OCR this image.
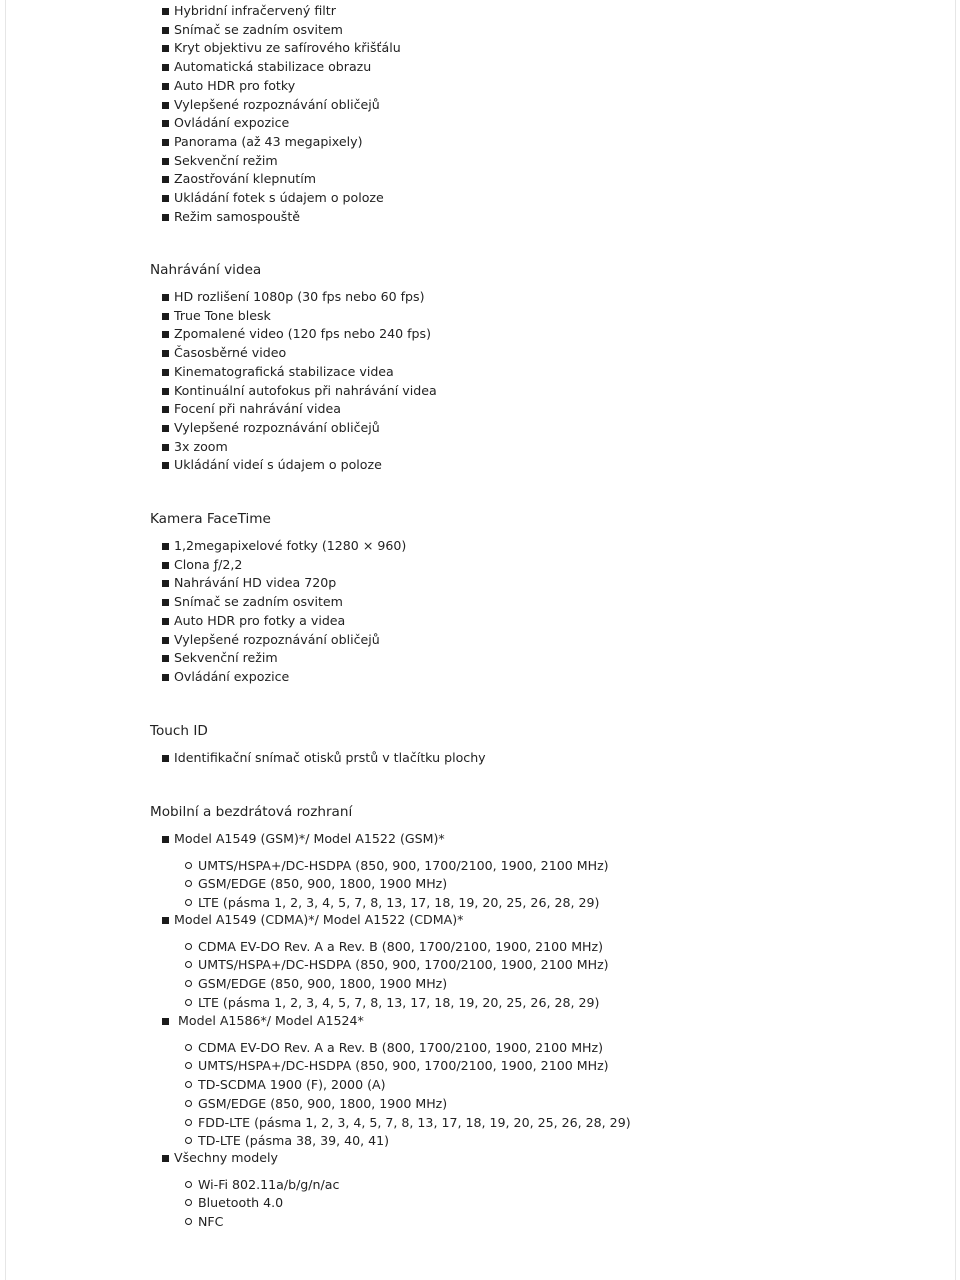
Hybridní infračervený filtr
Snímač se zadním osvitem
Kryt objektivu ze safírového křišťálu
Automatická stabilizace obrazu
Auto HDR pro fotky
Vylepšené rozpoznávání obličejů
Ovládání expozice
Panorama (až 43 megapixely)
Sekvenční režim
Zaostřování klepnutím
Ukládání fotek s údajem o poloze
Režim samospouště
Nahrávání videa
HD rozlišení 1080p (30 fps nebo 60 fps)
True Tone blesk
Zpomalené video (120 fps nebo 240 fps)
Časosběrné video
Kinematografická stabilizace videa
Kontinuální autofokus při nahrávání videa
Focení při nahrávání videa
Vylepšené rozpoznávání obličejů
3x zoom
Ukládání videí s údajem o poloze
Kamera FaceTime
1,2megapixelové fotky (1280 × 960)
Clona ƒ/2,2
Nahrávání HD videa 720p
Snímač se zadním osvitem
Auto HDR pro fotky a videa
Vylepšené rozpoznávání obličejů
Sekvenční režim
Ovládání expozice
Touch ID
Identifikační snímač otisků prstů v tlačítku plochy
Mobilní a bezdrátová rozhraní
Model A1549 (GSM)*/ Model A1522 (GSM)*
UMTS/HSPA+/DC-HSDPA (850, 900, 1700/2100, 1900, 2100 MHz)
GSM/EDGE (850, 900, 1800, 1900 MHz)
LTE (pásma 1, 2, 3, 4, 5, 7, 8, 13, 17, 18, 19, 20, 25, 26, 28, 29)
Model A1549 (CDMA)*/ Model A1522 (CDMA)*
CDMA EV-DO Rev. A a Rev. B (800, 1700/2100, 1900, 2100 MHz)
UMTS/HSPA+/DC-HSDPA (850, 900, 1700/2100, 1900, 2100 MHz)
GSM/EDGE (850, 900, 1800, 1900 MHz)
LTE (pásma 1, 2, 3, 4, 5, 7, 8, 13, 17, 18, 19, 20, 25, 26, 28, 29)
Model A1586*/ Model A1524*
CDMA EV-DO Rev. A a Rev. B (800, 1700/2100, 1900, 2100 MHz)
UMTS/HSPA+/DC-HSDPA (850, 900, 1700/2100, 1900, 2100 MHz)
TD-SCDMA 1900 (F), 2000 (A)
GSM/EDGE (850, 900, 1800, 1900 MHz)
FDD-LTE (pásma 1, 2, 3, 4, 5, 7, 8, 13, 17, 18, 19, 20, 25, 26, 28, 29)
TD-LTE (pásma 38, 39, 40, 41)
Všechny modely
Wi-Fi 802.11a/b/g/n/ac
Bluetooth 4.0
NFC
